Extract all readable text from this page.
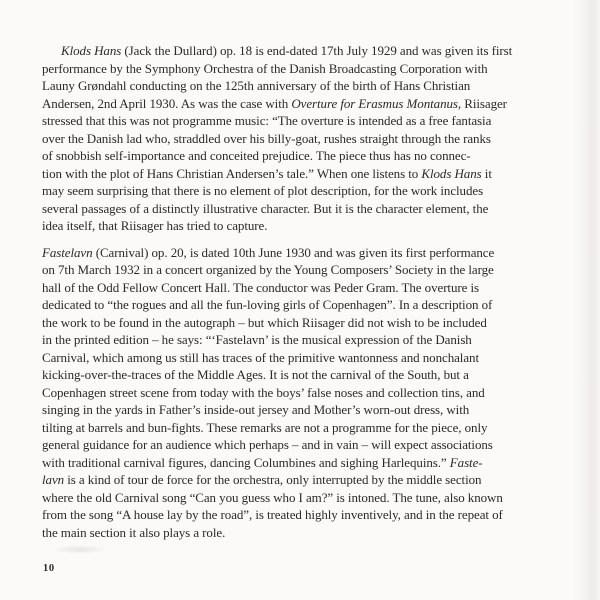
Klods Hans (Jack the Dullard) op. 18 is end-dated 17th July 1929 and was given its first
performance by the Symphony Orchestra of the Danish Broadcasting Corporation with
Launy Grøndahl conducting on the 125th anniversary of the birth of Hans Christian
Andersen, 2nd April 1930. As was the case with Overture for Erasmus Montanus, Riisager
stressed that this was not programme music: “The overture is intended as a free fantasia
over the Danish lad who, straddled over his billy-goat, rushes straight through the ranks
of snobbish self-importance and conceited prejudice. The piece thus has no connec-
tion with the plot of Hans Christian Andersen’s tale.” When one listens to Klods Hans it
may seem surprising that there is no element of plot description, for the work includes
several passages of a distinctly illustrative character. But it is the character element, the
idea itself, that Riisager has tried to capture.
Fastelavn (Carnival) op. 20, is dated 10th June 1930 and was given its first performance
on 7th March 1932 in a concert organized by the Young Composers’ Society in the large
hall of the Odd Fellow Concert Hall. The conductor was Peder Gram. The overture is
dedicated to “the rogues and all the fun-loving girls of Copenhagen”. In a description of
the work to be found in the autograph – but which Riisager did not wish to be included
in the printed edition – he says: “‘Fastelavn’ is the musical expression of the Danish
Carnival, which among us still has traces of the primitive wantonness and nonchalant
kicking-over-the-traces of the Middle Ages. It is not the carnival of the South, but a
Copenhagen street scene from today with the boys’ false noses and collection tins, and
singing in the yards in Father’s inside-out jersey and Mother’s worn-out dress, with
tilting at barrels and bun-fights. These remarks are not a programme for the piece, only
general guidance for an audience which perhaps – and in vain – will expect associations
with traditional carnival figures, dancing Columbines and sighing Harlequins.” Faste-
lavn is a kind of tour de force for the orchestra, only interrupted by the middle section
where the old Carnival song “Can you guess who I am?” is intoned. The tune, also known
from the song “A house lay by the road”, is treated highly inventively, and in the repeat of
the main section it also plays a role.
10
